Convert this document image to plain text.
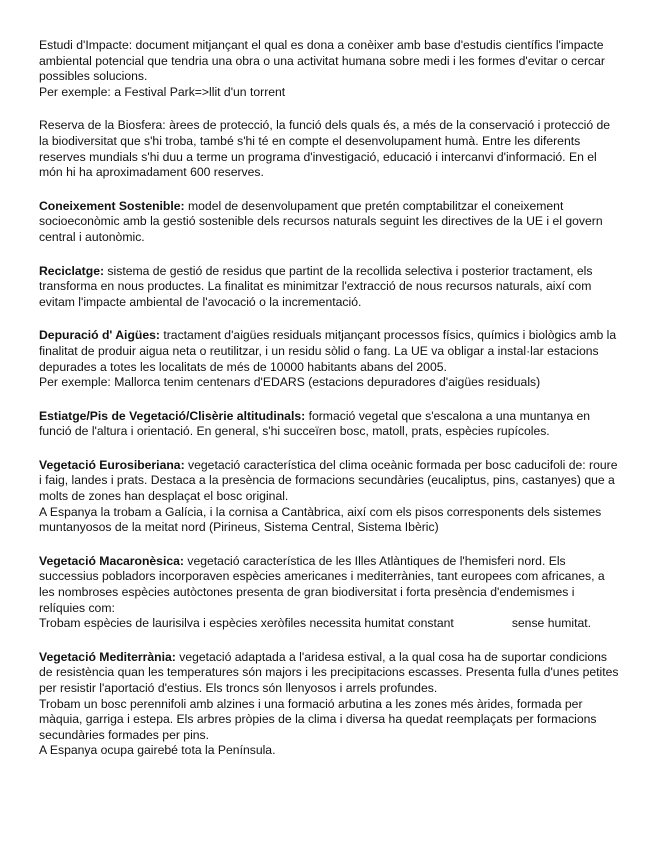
Estudi d'Impacte: document mitjançant el qual es dona a conèixer amb base d'estudis científics l'impacte ambiental potencial que tendria una obra o una activitat humana sobre medi i les formes d'evitar o cercar possibles solucions.

Per exemple: a Festival Park=>llit d'un torrent

Reserva de la Biosfera: àrees de protecció, la funció dels quals és, a més de la conservació i protecció de la biodiversitat que s'hi troba, també s'hi té en compte el desenvolupament humà. Entre les diferents reserves mundials s'hi duu a terme un programa d'investigació, educació i intercanvi d'informació. En el món hi ha aproximadament 600 reserves.

Coneixement Sostenible: model de desenvolupament que pretén comptabilitzar el coneixement socioeconòmic amb la gestió sostenible dels recursos naturals seguint les directives de la UE i el govern central i autonòmic.

Reciclatge: sistema de gestió de residus que partint de la recollida selectiva i posterior tractament, els transforma en nous productes. La finalitat es minimitzar l'extracció de nous recursos naturals, així com evitam l'impacte ambiental de l'avocació o la incrementació.

Depuració d' Aigües: tractament d'aigües residuals mitjançant processos físics, químics i biològics amb la finalitat de produir aigua neta o reutilitzar, i un residu sòlid o fang. La UE va obligar a instal·lar estacions depurades a totes les localitats de més de 10000 habitants abans del 2005.

Per exemple: Mallorca tenim centenars d'EDARS (estacions depuradores d'aigües residuals)

Estiatge/Pis de Vegetació/Clisèrie altitudinals: formació vegetal que s'escalona a una muntanya en funció de l'altura i orientació. En general, s'hi succeïren bosc, matoll, prats, espècies rupícoles.

Vegetació Eurosiberiana: vegetació característica del clima oceànic formada per bosc caducifoli de: roure i faig, landes i prats. Destaca a la presència de formacions secundàries (eucaliptus, pins, castanyes) que a molts de zones han desplaçat el bosc original.

A Espanya la trobam a Galícia, i la cornisa a Cantàbrica, així com els pisos corresponents dels sistemes muntanyosos de la meitat nord (Pirineus, Sistema Central, Sistema Ibèric)

Vegetació Macaronèsica: vegetació característica de les Illes Atlàntiques de l'hemisferi nord. Els successius pobladors incorporaven espècies americanes i mediterrànies, tant europees com africanes, a les nombroses espècies autòctones presenta de gran biodiversitat i forta presència d'endemismes i relíquies com:

Trobam espècies de laurisilva i espècies xeròfiles necessita humitat constant	sense humitat.

Vegetació Mediterrània: vegetació adaptada a l'aridesa estival, a la qual cosa ha de suportar condicions de resistència quan les temperatures són majors i les precipitacions escasses. Presenta fulla d'unes petites per resistir l'aportació d'estius. Els troncs són llenyosos i arrels profundes.

Trobam un bosc perennifoli amb alzines i una formació arbutina a les zones més àrides, formada per màquia, garriga i estepa. Els arbres pròpies de la clima i diversa ha quedat reemplaçats per formacions secundàries formades per pins.

A Espanya ocupa gairebé tota la Península.
